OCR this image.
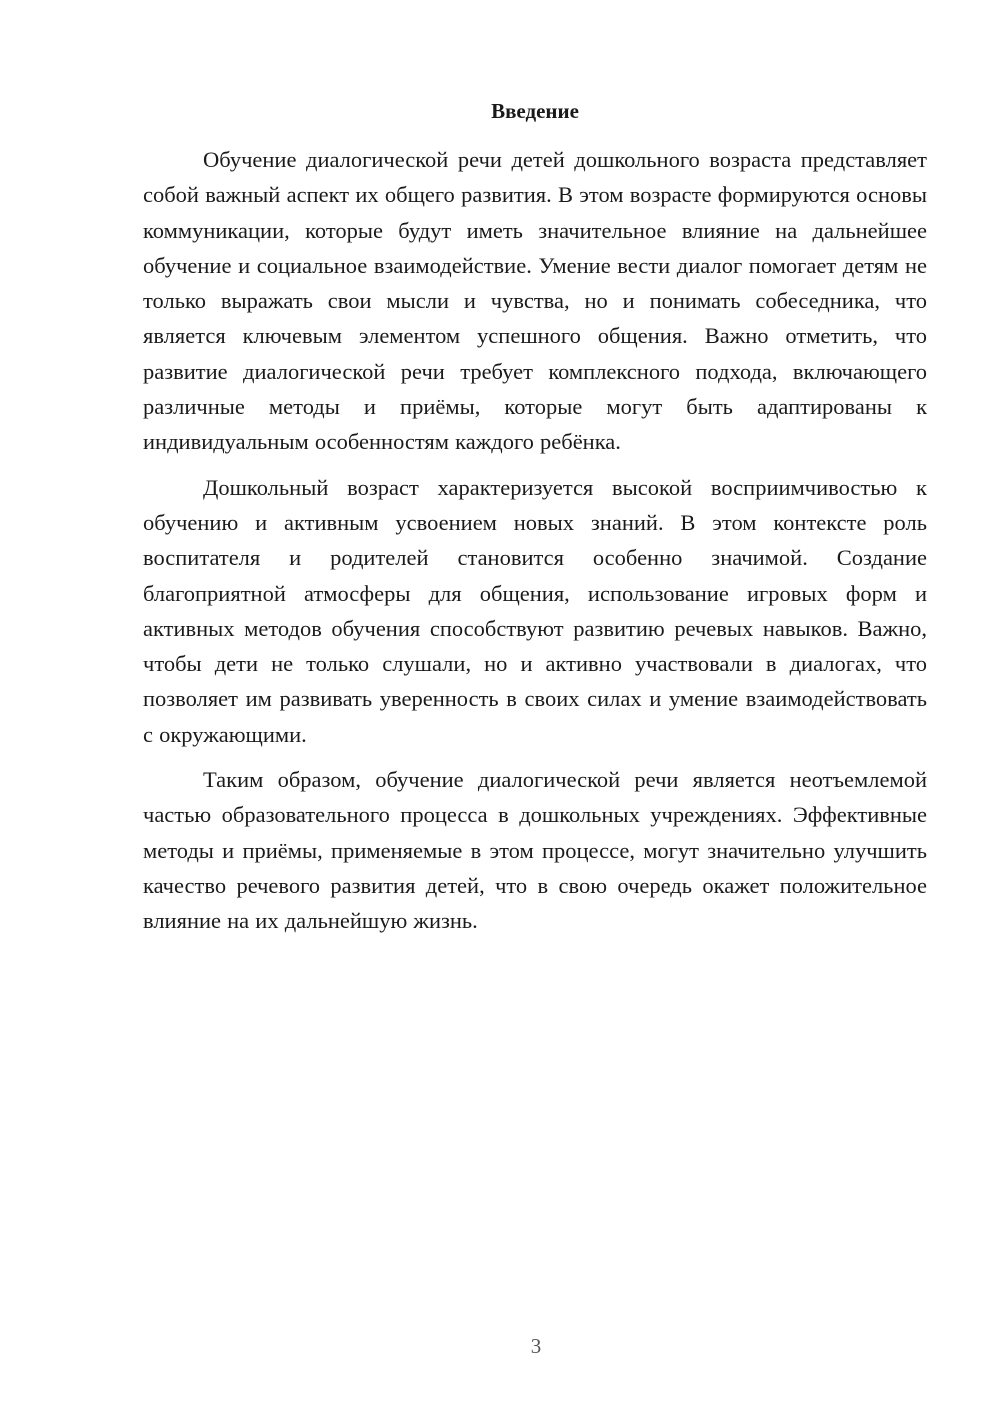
Введение

Обучение диалогической речи детей дошкольного возраста представляет собой важный аспект их общего развития. В этом возрасте формируются основы коммуникации, которые будут иметь значительное влияние на дальнейшее обучение и социальное взаимодействие. Умение вести диалог помогает детям не только выражать свои мысли и чувства, но и понимать собеседника, что является ключевым элементом успешного общения. Важно отметить, что развитие диалогической речи требует комплексного подхода, включающего различные методы и приёмы, которые могут быть адаптированы к индивидуальным особенностям каждого ребёнка.

Дошкольный возраст характеризуется высокой восприимчивостью к обучению и активным усвоением новых знаний. В этом контексте роль воспитателя и родителей становится особенно значимой. Создание благоприятной атмосферы для общения, использование игровых форм и активных методов обучения способствуют развитию речевых навыков. Важно, чтобы дети не только слушали, но и активно участвовали в диалогах, что позволяет им развивать уверенность в своих силах и умение взаимодействовать с окружающими.

Таким образом, обучение диалогической речи является неотъемлемой частью образовательного процесса в дошкольных учреждениях. Эффективные методы и приёмы, применяемые в этом процессе, могут значительно улучшить качество речевого развития детей, что в свою очередь окажет положительное влияние на их дальнейшую жизнь.

3
